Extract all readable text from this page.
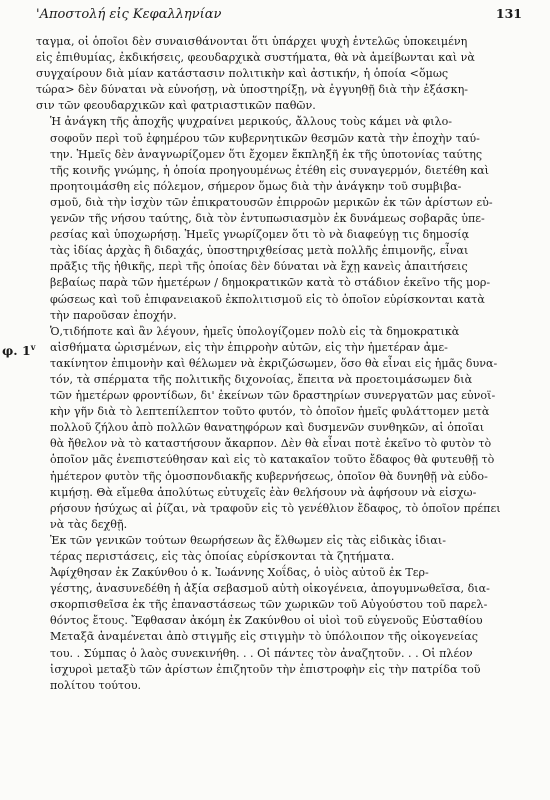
'Αποστολή εἰς Κεφαλληνίαν	131
φ. 1$^v$

ταγμα, οἱ ὁποῖοι δὲν συναισθάνονται ὅτι ὑπάρχει ψυχὴ ἐντελῶς ὑποκειμένη
εἰς ἐπιθυμίας, ἐκδικήσεις, φεουδαρχικὰ συστήματα, θὰ νὰ ἀμείβωνται καὶ νὰ
συγχαίρουν διὰ μίαν κατάστασιν πολιτικὴν καὶ ἀστικήν, ἡ ὁποία <ὅμως
τώρα> δὲν δύναται νὰ εὐνοήσῃ, νὰ ὑποστηρίξῃ, νὰ ἐγγυηθῇ διὰ τὴν ἐξάσκη-
σιν τῶν φεουδαρχικῶν καὶ φατριαστικῶν παθῶν.

Ἡ ἀνάγκη τῆς ἀποχῆς ψυχραίνει μερικούς, ἄλλους τοὺς κάμει νὰ φιλο-
σοφοῦν περὶ τοῦ ἐφημέρου τῶν κυβερνητικῶν θεσμῶν κατὰ τὴν ἐποχὴν ταύ-
την. Ἡμεῖς δὲν ἀναγνωρίζομεν ὅτι ἔχομεν ἔκπληξῆ ἐκ τῆς ὑποτονίας ταύτης
τῆς κοινῆς γνώμης, ἡ ὁποία προηγουμένως ἐτέθη εἰς συναγερμόν, διετέθη καὶ
προητοιμάσθη εἰς πόλεμον, σήμερον ὅμως διὰ τὴν ἀνάγκην τοῦ συμβιβα-
σμοῦ, διὰ τὴν ἰσχὺν τῶν ἐπικρατουσῶν ἐπιρροῶν μερικῶν ἐκ τῶν ἀρίστων εὐ-
γενῶν τῆς νήσου ταύτης, διὰ τὸν ἐντυπωσιασμὸν ἐκ δυνάμεως σοβαρᾶς ὑπε-
ρεσίας καὶ ὑποχωρήσῃ. Ἡμεῖς γνωρίζομεν ὅτι τὸ νὰ διαφεύγῃ τις δημοσίᾳ
τὰς ἰδίας ἀρχὰς ἣ διδαχάς, ὑποστηριχθείσας μετὰ πολλῆς ἐπιμονῆς, εἶναι
πρᾶξις τῆς ἠθικῆς, περὶ τῆς ὁποίας δὲν δύναται νὰ ἔχῃ κανεὶς ἀπαιτήσεις
βεβαίως παρὰ τῶν ἡμετέρων / δημοκρατικῶν κατὰ τὸ στάδιον ἐκεῖνο τῆς μορ-
φώσεως καὶ τοῦ ἐπιφανειακοῦ ἐκπολιτισμοῦ εἰς τὸ ὁποῖον εὑρίσκονται κατὰ
τὴν παροῦσαν ἐποχήν.

Ὁ,τιδήποτε καὶ ἂν λέγουν, ἡμεῖς ὑπολογίζομεν πολὺ εἰς τὰ δημοκρατικὰ
αἰσθήματα ὡρισμένων, εἰς τὴν ἐπιρροὴν αὐτῶν, εἰς τὴν ἡμετέραν ἀμε-
τακίνητον ἐπιμονὴν καὶ θέλωμεν νὰ ἐκριζώσωμεν, ὅσο θὰ εἶναι εἰς ἡμᾶς δυνα-
τόν, τὰ σπέρματα τῆς πολιτικῆς διχονοίας, ἔπειτα νὰ προετοιμάσωμεν διὰ
τῶν ἡμετέρων φροντίδων, δι' ἐκείνων τῶν δραστηρίων συνεργατῶν μας εὐνοϊ-
κὴν γῆν διὰ τὸ λεπτεπίλεπτον τοῦτο φυτόν, τὸ ὁποῖον ἡμεῖς φυλάττομεν μετὰ
πολλοῦ ζήλου ἀπὸ πολλῶν θανατηφόρων καὶ δυσμενῶν συνθηκῶν, αἱ ὁποῖαι
θὰ ἤθελον νὰ τὸ καταστήσουν ἄκαρπον. Δὲν θὰ εἶναι ποτὲ ἐκεῖνο τὸ φυτὸν τὸ
ὁποῖον μᾶς ἐνεπιστεύθησαν καὶ εἰς τὸ κατακαῖον τοῦτο ἔδαφος θὰ φυτευθῇ τὸ
ἡμέτερον φυτὸν τῆς ὁμοσπονδιακῆς κυβερνήσεως, ὁποῖον θὰ δυνηθῇ νὰ εὐδο-
κιμήσῃ. Θὰ εἴμεθα ἀπολύτως εὐτυχεῖς ἐὰν θελήσουν νὰ ἀφήσουν νὰ εἰσχω-
ρήσουν ἡσύχως αἱ ῥίζαι, νὰ τραφοῦν εἰς τὸ γενέθλιον ἔδαφος, τὸ ὁποῖον πρέπει
νὰ τὰς δεχθῇ.

Ἐκ τῶν γενικῶν τούτων θεωρήσεων ἂς ἔλθωμεν εἰς τὰς εἰδικὰς ἰδιαι-
τέρας περιστάσεις, εἰς τὰς ὁποίας εὑρίσκονται τὰ ζητήματα.

Ἀφίχθησαν ἐκ Ζακύνθου ὁ κ. Ἰωάννης Χοΐδας, ὁ υἱὸς αὐτοῦ ἐκ Τερ-
γέστης, ἀνασυνεδέθη ἡ ἀξία σεβασμοῦ αὐτὴ οἰκογένεια, ἀπογυμνωθεῖσα, δια-
σκορπισθεῖσα ἐκ τῆς ἐπαναστάσεως τῶν χωρικῶν τοῦ Αὐγούστου τοῦ παρελ-
θόντος ἔτους. Ἔφθασαν ἀκόμη ἐκ Ζακύνθου οἱ υἱοὶ τοῦ εὐγενοῦς Εὐσταθίου
Μεταξᾶ ἀναμένεται ἀπὸ στιγμῆς εἰς στιγμὴν τὸ ὑπόλοιπον τῆς οἰκογενείας
του. . Σύμπας ὁ λαὸς συνεκινήθη. . . Οἱ πάντες τὸν ἀναζητοῦν. . . Οἱ πλέον
ἰσχυροὶ μεταξὺ τῶν ἀρίστων ἐπιζητοῦν τὴν ἐπιστροφὴν εἰς τὴν πατρίδα τοῦ
πολίτου τούτου.
